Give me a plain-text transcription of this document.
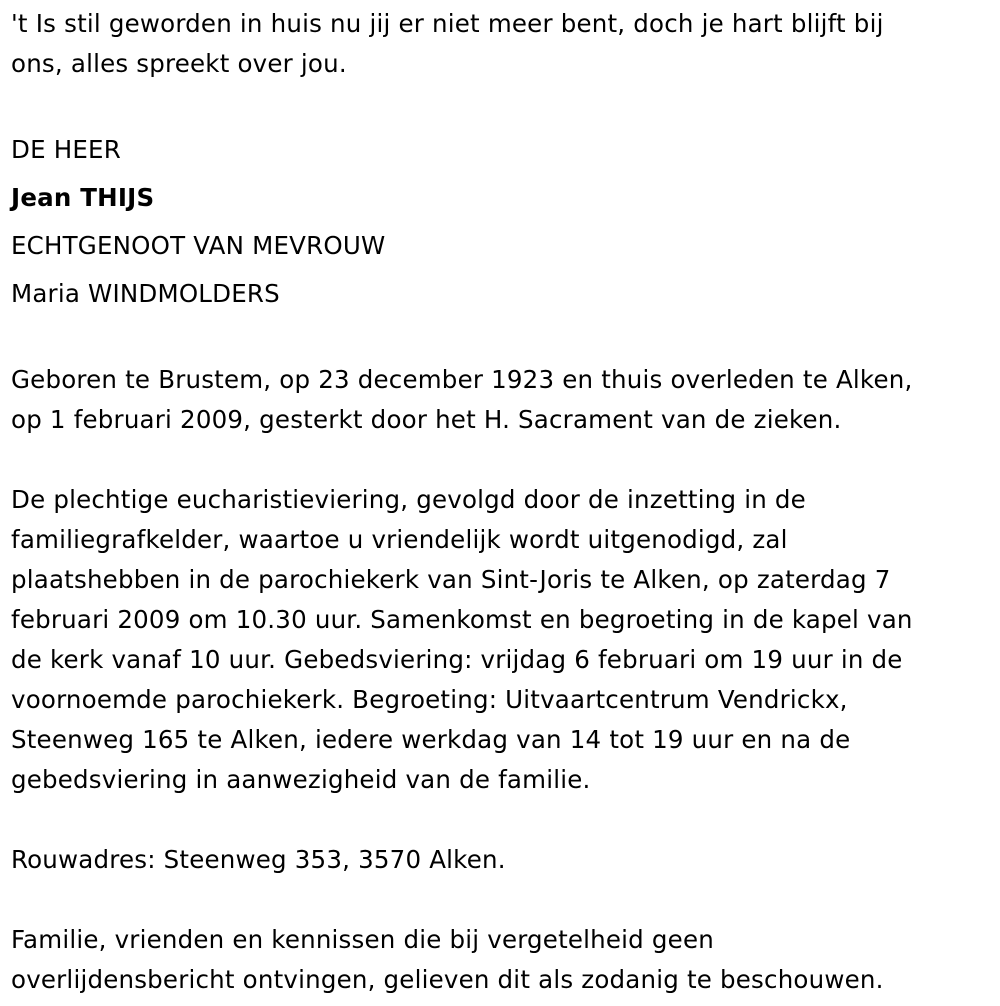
't Is stil geworden in huis nu jij er niet meer bent, doch je hart blijft bij
ons, alles spreekt over jou.

DE HEER

Jean THIJS

ECHTGENOOT VAN MEVROUW

Maria WINDMOLDERS

Geboren te Brustem, op 23 december 1923 en thuis overleden te Alken,
op 1 februari 2009, gesterkt door het H. Sacrament van de zieken.

De plechtige eucharistieviering, gevolgd door de inzetting in de
familiegrafkelder, waartoe u vriendelijk wordt uitgenodigd, zal
plaatshebben in de parochiekerk van Sint-Joris te Alken, op zaterdag 7
februari 2009 om 10.30 uur. Samenkomst en begroeting in de kapel van
de kerk vanaf 10 uur. Gebedsviering: vrijdag 6 februari om 19 uur in de
voornoemde parochiekerk. Begroeting: Uitvaartcentrum Vendrickx,
Steenweg 165 te Alken, iedere werkdag van 14 tot 19 uur en na de
gebedsviering in aanwezigheid van de familie.

Rouwadres: Steenweg 353, 3570 Alken.

Familie, vrienden en kennissen die bij vergetelheid geen
overlijdensbericht ontvingen, gelieven dit als zodanig te beschouwen.
